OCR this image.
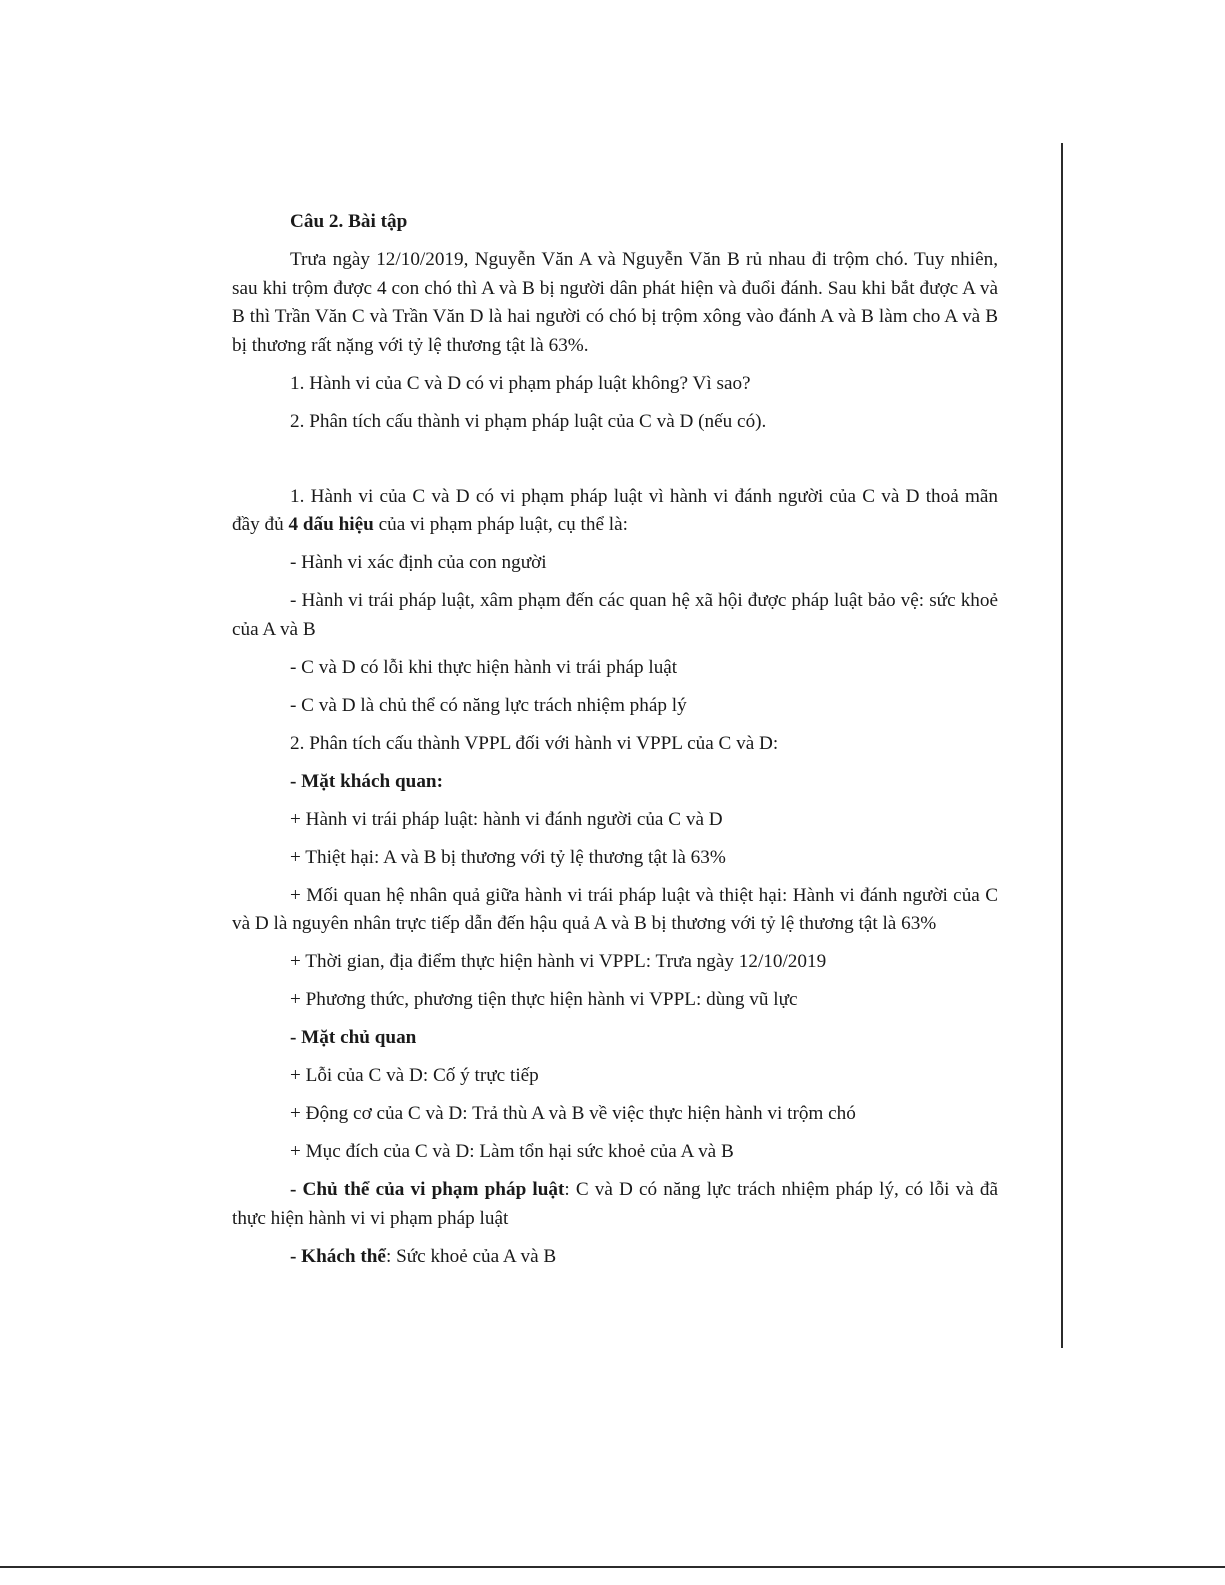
Câu 2. Bài tập

Trưa ngày 12/10/2019, Nguyễn Văn A và Nguyễn Văn B rủ nhau đi trộm chó. Tuy nhiên, sau khi trộm được 4 con chó thì A và B bị người dân phát hiện và đuổi đánh. Sau khi bắt được A và B thì Trần Văn C và Trần Văn D là hai người có chó bị trộm xông vào đánh A và B làm cho A và B bị thương rất nặng với tỷ lệ thương tật là 63%.

1. Hành vi của C và D có vi phạm pháp luật không? Vì sao?

2. Phân tích cấu thành vi phạm pháp luật của C và D (nếu có).

1. Hành vi của C và D có vi phạm pháp luật vì hành vi đánh người của C và D thoả mãn đầy đủ 4 dấu hiệu của vi phạm pháp luật, cụ thể là:

- Hành vi xác định của con người

- Hành vi trái pháp luật, xâm phạm đến các quan hệ xã hội được pháp luật bảo vệ: sức khoẻ của A và B

- C và D có lỗi khi thực hiện hành vi trái pháp luật

- C và D là chủ thể có năng lực trách nhiệm pháp lý

2. Phân tích cấu thành VPPL đối với hành vi VPPL của C và D:

- Mặt khách quan:

+ Hành vi trái pháp luật: hành vi đánh người của C và D

+ Thiệt hại: A và B bị thương với tỷ lệ thương tật là 63%

+ Mối quan hệ nhân quả giữa hành vi trái pháp luật và thiệt hại: Hành vi đánh người của C và D là nguyên nhân trực tiếp dẫn đến hậu quả A và B bị thương với tỷ lệ thương tật là 63%

+ Thời gian, địa điểm thực hiện hành vi VPPL: Trưa ngày 12/10/2019

+ Phương thức, phương tiện thực hiện hành vi VPPL: dùng vũ lực

- Mặt chủ quan

+ Lỗi của C và D: Cố ý trực tiếp

+ Động cơ của C và D: Trả thù A và B về việc thực hiện hành vi trộm chó

+ Mục đích của C và D: Làm tổn hại sức khoẻ của A và B

- Chủ thể của vi phạm pháp luật: C và D có năng lực trách nhiệm pháp lý, có lỗi và đã thực hiện hành vi vi phạm pháp luật

- Khách thể: Sức khoẻ của A và B
